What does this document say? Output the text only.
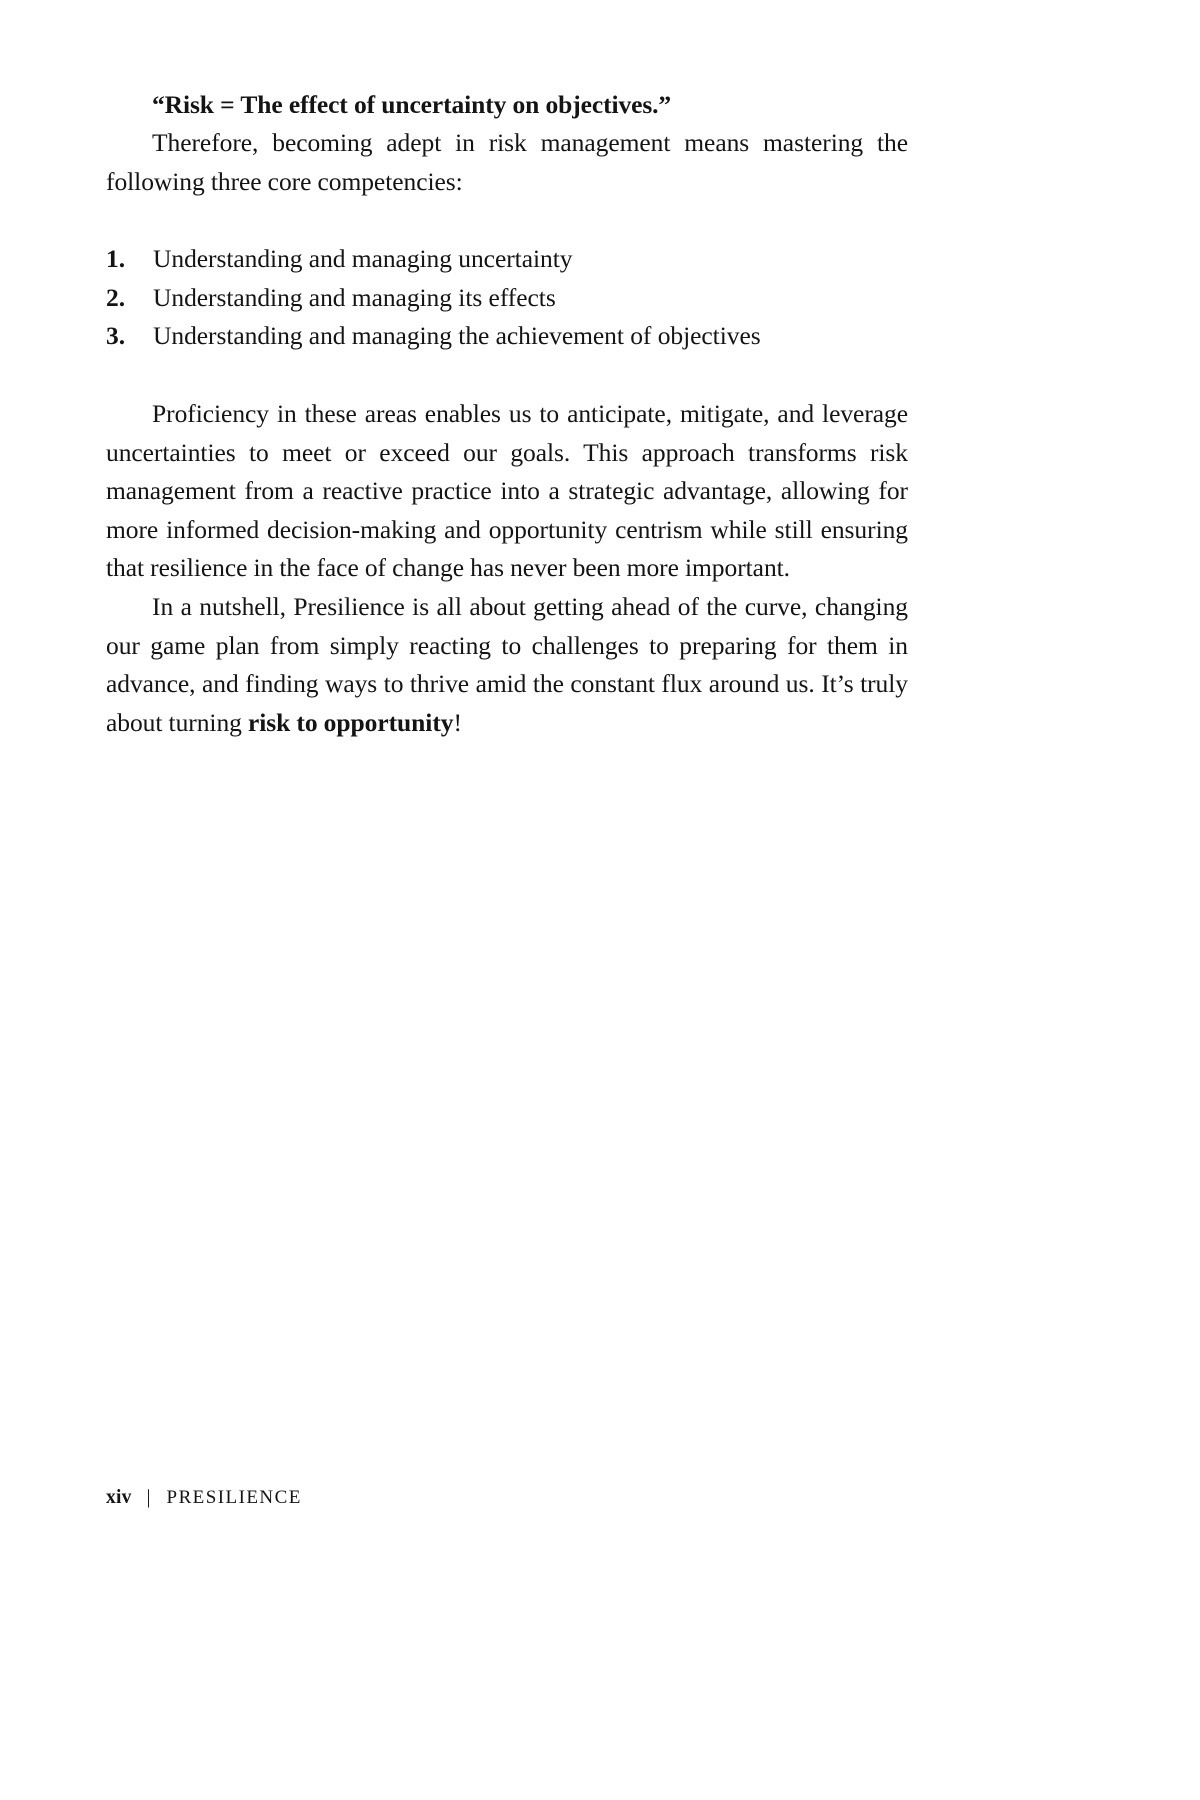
“Risk = The effect of uncertainty on objectives.”

Therefore, becoming adept in risk management means mastering the following three core competencies:

1.	Understanding and managing uncertainty
2.	Understanding and managing its effects
3.	Understanding and managing the achievement of objectives

Proficiency in these areas enables us to anticipate, mitigate, and leverage uncertainties to meet or exceed our goals. This approach transforms risk management from a reactive practice into a strategic advantage, allowing for more informed decision-making and opportunity centrism while still ensuring that resilience in the face of change has never been more important.

In a nutshell, Presilience is all about getting ahead of the curve, changing our game plan from simply reacting to challenges to preparing for them in advance, and finding ways to thrive amid the constant flux around us. It’s truly about turning risk to opportunity!

xiv | PRESILIENCE
